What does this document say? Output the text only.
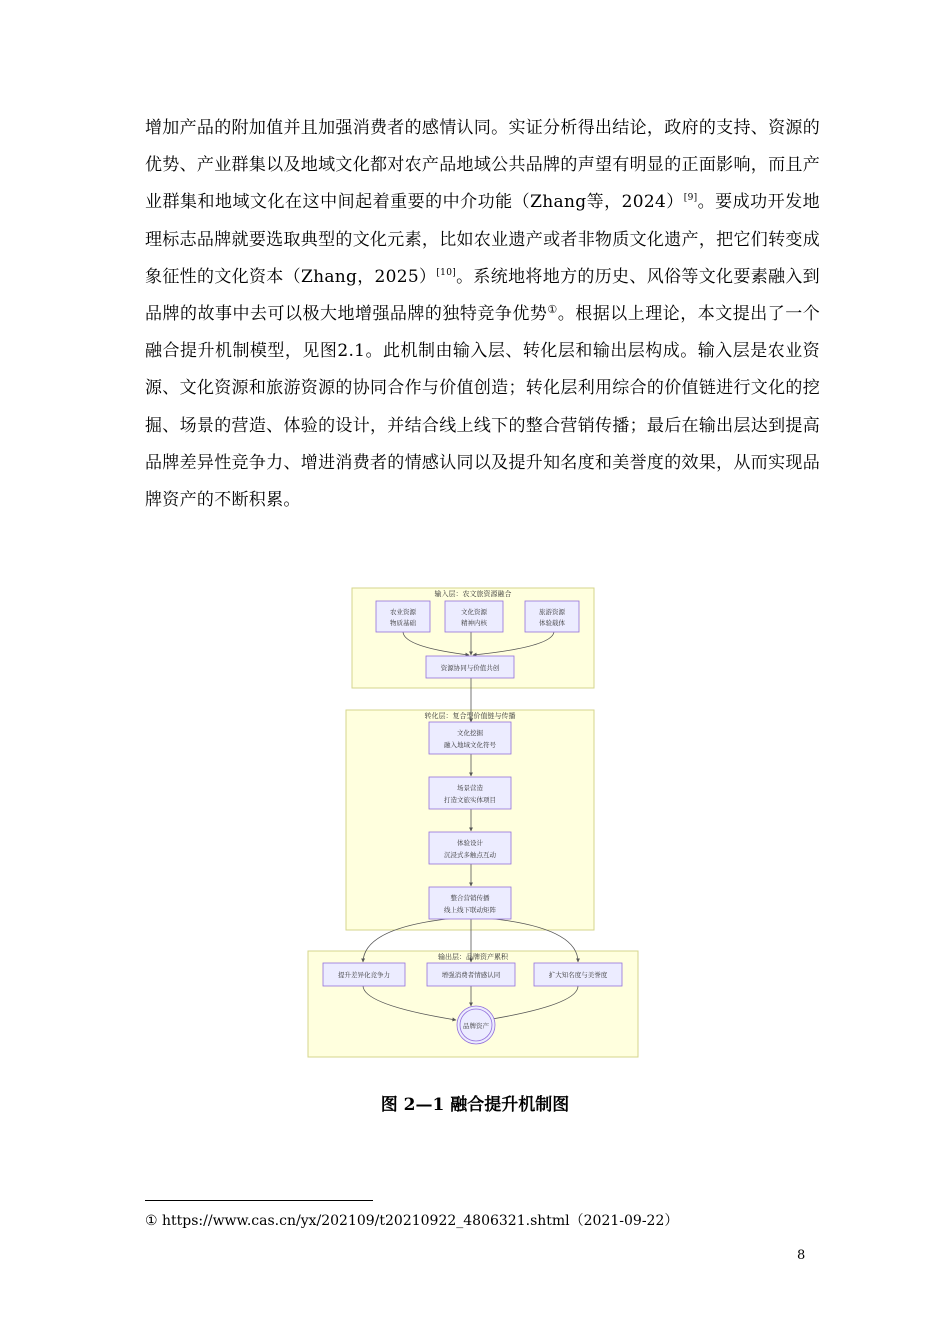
增加产品的附加值并且加强消费者的感情认同。实证分析得出结论，政府的支持、资源的优势、产业群集以及地域文化都对农产品地域公共品牌的声望有明显的正面影响，而且产业群集和地域文化在这中间起着重要的中介功能（Zhang等，2024）[9]。要成功开发地理标志品牌就要选取典型的文化元素，比如农业遗产或者非物质文化遗产，把它们转变成象征性的文化资本（Zhang，2025）[10]。系统地将地方的历史、风俗等文化要素融入到品牌的故事中去可以极大地增强品牌的独特竞争优势①。根据以上理论，本文提出了一个融合提升机制模型，见图2.1。此机制由输入层、转化层和输出层构成。输入层是农业资源、文化资源和旅游资源的协同合作与价值创造；转化层利用综合的价值链进行文化的挖掘、场景的营造、体验的设计，并结合线上线下的整合营销传播；最后在输出层达到提高品牌差异性竞争力、增进消费者的情感认同以及提升知名度和美誉度的效果，从而实现品牌资产的不断积累。

输入层：农文旅资源融合
转化层：复合型价值链与传播
输出层：品牌资产累积
农业资源
物质基础
文化资源
精神内核
旅游资源
体验载体
资源协同与价值共创
文化挖掘
融入地域文化符号
场景营造
打造文旅实体项目
体验设计
沉浸式多触点互动
整合营销传播
线上线下联动矩阵
提升差异化竞争力	增强消费者情感认同	扩大知名度与美誉度
品牌资产

图 2—1 融合提升机制图

① https://www.cas.cn/yx/202109/t20210922_4806321.shtml（2021-09-22）

8
